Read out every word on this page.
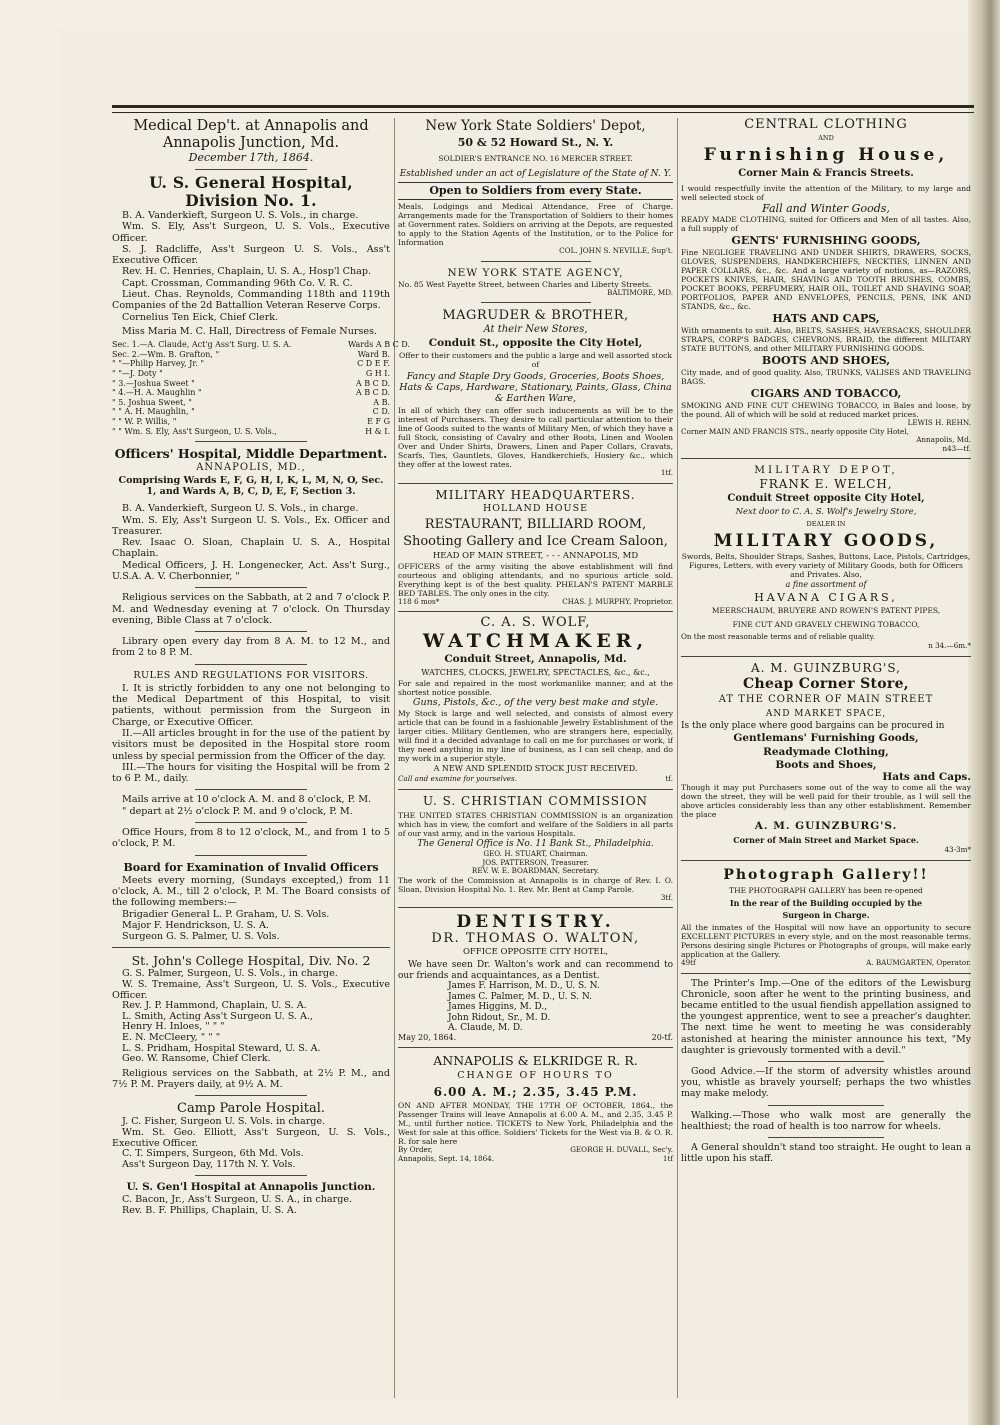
Medical Dep't. at Annapolis and Annapolis Junction, Md.

December 17th, 1864.

U. S. General Hospital, Division No. 1.

B. A. Vanderkieft, Surgeon U. S. Vols., in charge.

Wm. S. Ely, Ass't Surgeon, U. S. Vols., Executive Officer.

S. J. Radcliffe, Ass't Surgeon U. S. Vols., Ass't Executive Officer.

Rev. H. C. Henries, Chaplain, U. S. A., Hosp'l Chap.

Capt. Crossman, Commanding 96th Co. V. R. C.

Lieut. Chas. Reynolds, Commanding 118th and 119th Companies of the 2d Battallion Veteran Reserve Corps.

Cornelius Ten Eick, Chief Clerk.

Miss Maria M. C. Hall, Directress of Female Nurses.

Sec. 1.—A. Claude, Act'g Ass't Surg. U. S. A.	Wards A B C D.
Sec. 2.—Wm. B. Grafton, "	Ward B.
" "—Philip Harvey, Jr. "	C D E F.
" "—J. Doty "	G H I.
" 3.—Joshua Sweet "	A B C D.
" 4.—H. A. Maughlin "	A B C D.
" 5. Joshua Sweet, "	A B.
" " A. H. Maughlin, "	C D.
" " W. P. Willis, "	E F G
" " Wm. S. Ely, Ass't Surgeon, U. S. Vols.,	H & I.

Officers' Hospital, Middle Department.

ANNAPOLIS, MD.,

Comprising Wards E, F, G, H, I, K, L, M, N, O, Sec. 1, and Wards A, B, C, D, E, F, Section 3.

B. A. Vanderkieft, Surgeon U. S. Vols., in charge.

Wm. S. Ely, Ass't Surgeon U. S. Vols., Ex. Officer and Treasurer.

Rev. Isaac O. Sloan, Chaplain U. S. A., Hospital Chaplain.

Medical Officers, J. H. Longenecker, Act. Ass't Surg., U.S.A. A. V. Cherbonnier, "

Religious services on the Sabbath, at 2 and 7 o'clock P. M. and Wednesday evening at 7 o'clock. On Thursday evening, Bible Class at 7 o'clock.

Library open every day from 8 A. M. to 12 M., and from 2 to 8 P. M.

RULES AND REGULATIONS FOR VISITORS.

I. It is strictly forbidden to any one not belonging to the Medical Department of this Hospital, to visit patients, without permission from the Surgeon in Charge, or Executive Officer.

II.—All articles brought in for the use of the patient by visitors must be deposited in the Hospital store room unless by special permission from the Officer of the day.

III.—The hours for visiting the Hospital will be from 2 to 6 P. M., daily.

Mails arrive at 10 o'clock A. M. and 8 o'clock, P. M.

" depart at 2½ o'clock P. M. and 9 o'clock, P. M.

Office Hours, from 8 to 12 o'clock, M., and from 1 to 5 o'clock, P. M.

Board for Examination of Invalid Officers

Meets every morning, (Sundays excepted,) from 11 o'clock, A. M., till 2 o'clock, P. M. The Board consists of the following members:—

Brigadier General L. P. Graham, U. S. Vols.

Major F. Hendrickson, U. S. A.

Surgeon G. S. Palmer, U. S. Vols.

St. John's College Hospital, Div. No. 2

G. S. Palmer, Surgeon, U. S. Vols., in charge.

W. S. Tremaine, Ass't Surgeon, U. S. Vols., Executive Officer.

Rev. J. P. Hammond, Chaplain, U. S. A.

L. Smith, Acting Ass't Surgeon U. S. A.,

Henry H. Inloes, " " "

E. N. McCleery, " " "

L. S. Pridham, Hospital Steward, U. S. A.

Geo. W. Ransome, Chief Clerk.

Religious services on the Sabbath, at 2½ P. M., and 7½ P. M. Prayers daily, at 9½ A. M.

Camp Parole Hospital.

J. C. Fisher, Surgeon U. S. Vols. in charge.

Wm. St. Geo. Elliott, Ass't Surgeon, U. S. Vols., Executive Officer.

C. T. Simpers, Surgeon, 6th Md. Vols.

Ass't Surgeon Day, 117th N. Y. Vols.

U. S. Gen'l Hospital at Annapolis Junction.

C. Bacon, Jr., Ass't Surgeon, U. S. A., in charge.

Rev. B. F. Phillips, Chaplain, U. S. A.

New York State Soldiers' Depot,

50 & 52 Howard St., N. Y.

SOLDIER'S ENTRANCE NO. 16 MERCER STREET.

Established under an act of Legislature of the State of N. Y.

Open to Soldiers from every State.

Meals, Lodgings and Medical Attendance, Free of Charge. Arrangements made for the Transportation of Soldiers to their homes at Government rates. Soldiers on arriving at the Depots, are requested to apply to the Station Agents of the Institution, or to the Police for Information

COL. JOHN S. NEVILLE, Sup't.

NEW YORK STATE AGENCY,

No. 85 West Fayette Street, between Charles and Liberty Streets.

BALTIMORE, MD.

MAGRUDER & BROTHER,

At their New Stores,

Conduit St., opposite the City Hotel,

Offer to their customers and the public a large and well assorted stock of

Fancy and Staple Dry Goods, Groceries, Boots Shoes, Hats & Caps, Hardware, Stationary, Paints, Glass, China & Earthen Ware,

In all of which they can offer such inducements as will be to the interest of Purchasers. They desire to call particular attention to their line of Goods suited to the wants of Military Men, of which they have a full Stock, consisting of Cavalry and other Boots, Linen and Woolen Over and Under Shirts, Drawers, Linen and Paper Collars, Cravats, Scarfs, Ties, Gauntlets, Gloves, Handkerchiefs, Hosiery &c., which they offer at the lowest rates.

1tf.

MILITARY HEADQUARTERS.

HOLLAND HOUSE

RESTAURANT, BILLIARD ROOM,

Shooting Gallery and Ice Cream Saloon,

HEAD OF MAIN STREET, - - - ANNAPOLIS, MD

OFFICERS of the army visiting the above establishment will find courteous and obliging attendants, and no spurious article sold. Everything kept is of the best quality. PHELAN'S PATENT MARBLE BED TABLES. The only ones in the city.

118 6 mos*	CHAS. J. MURPHY, Proprietor.

C. A. S. WOLF,

WATCHMAKER,

Conduit Street, Annapolis, Md.

WATCHES, CLOCKS, JEWELRY, SPECTACLES, &c., &c.,

For sale and repaired in the most workmanlike manner, and at the shortest notice possible.

Guns, Pistols, &c., of the very best make and style.

My Stock is large and well selected, and consists of almost every article that can be found in a fashionable Jewelry Establishment of the larger cities. Military Gentlemen, who are strangers here, especially, will find it a decided advantage to call on me for purchases or work, if they need anything in my line of business, as I can sell cheap, and do my work in a superior style.

A NEW AND SPLENDID STOCK JUST RECEIVED.

Call and examine for yourselves.	tf.

U. S. CHRISTIAN COMMISSION

THE UNITED STATES CHRISTIAN COMMISSION is an organization which has in view, the comfort and welfare of the Soldiers in all parts of our vast army, and in the various Hospitals.

The General Office is No. 11 Bank St., Philadelphia.

GEO. H. STUART, Chairman.

JOS. PATTERSON, Treasurer.

REV. W. E. BOARDMAN, Secretary.

The work of the Commission at Annapolis is in charge of Rev. I. O. Sloan, Division Hospital No. 1. Rev. Mr. Bent at Camp Parole.

3tf.

DENTISTRY.

DR. THOMAS O. WALTON,

OFFICE OPPOSITE CITY HOTEL,

We have seen Dr. Walton's work and can recommend to our friends and acquaintances, as a Dentist.

James F. Harrison, M. D., U. S. N.

James C. Palmer, M. D., U. S. N.

James Higgins, M. D.,

John Ridout, Sr., M. D.

A. Claude, M. D.

May 20, 1864.	20-tf.

ANNAPOLIS & ELKRIDGE R. R.

CHANGE OF HOURS TO

6.00 A. M.; 2.35, 3.45 P.M.

ON AND AFTER MONDAY, THE 17TH OF OCTOBER, 1864., the Passenger Trains will leave Annapolis at 6.00 A. M., and 2.35, 3.45 P. M., until further notice. TICKETS to New York, Philadelphia and the West for sale at this office. Soldiers' Tickets for the West via B. & O. R. R. for sale here

By Order,	GEORGE H. DUVALL, Sec'y.
Annapolis, Sept. 14, 1864.	1tf

CENTRAL CLOTHING

AND

Furnishing House,

Corner Main & Francis Streets.

I would respectfully invite the attention of the Military, to my large and well selected stock of

Fall and Winter Goods,

READY MADE CLOTHING, suited for Officers and Men of all tastes. Also, a full supply of

GENTS' FURNISHING GOODS,

Fine NEGLIGEE TRAVELING AND UNDER SHIRTS, DRAWERS, SOCKS, GLOVES, SUSPENDERS, HANDKERCHIEFS, NECKTIES, LINNEN AND PAPER COLLARS, &c., &c. And a large variety of notions, as—RAZORS, POCKETS KNIVES, HAIR, SHAVING AND TOOTH BRUSHES, COMBS, POCKET BOOKS, PERFUMERY, HAIR OIL, TOILET AND SHAVING SOAP, PORTFOLIOS, PAPER AND ENVELOPES, PENCILS, PENS, INK AND STANDS, &c., &c.

HATS AND CAPS,

With ornaments to suit. Also, BELTS, SASHES, HAVERSACKS, SHOULDER STRAPS, CORP'S BADGES, CHEVRONS, BRAID, the different MILITARY STATE BUTTONS, and other MILITARY FURNISHING GOODS.

BOOTS AND SHOES,

City made, and of good quality. Also, TRUNKS, VALISES AND TRAVELING BAGS.

CIGARS AND TOBACCO,

SMOKING AND FINE CUT CHEWING TOBACCO, in Bales and loose, by the pound. All of which will be sold at reduced market prices.

LEWIS H. REHN.

Corner MAIN AND FRANCIS STS., nearly opposite City Hotel,

Annapolis, Md.

n43—tf.

MILITARY DEPOT,

FRANK E. WELCH,

Conduit Street opposite City Hotel,

Next door to C. A. S. Wolf's Jewelry Store,

DEALER IN

MILITARY GOODS,

Swords, Belts, Shoulder Straps, Sashes, Buttons, Lace, Pistols, Cartridges, Figures, Letters, with every variety of Military Goods, both for Officers and Privates. Also,

a fine assortment of

HAVANA CIGARS,

MEERSCHAUM, BRUYERE AND ROWEN'S PATENT PIPES,

FINE CUT AND GRAVELY CHEWING TOBACCO,

On the most reasonable terms and of reliable quality.

n 34.—6m.*

A. M. GUINZBURG'S,

Cheap Corner Store,

AT THE CORNER OF MAIN STREET

AND MARKET SPACE,

Is the only place where good bargains can be procured in

Gentlemans' Furnishing Goods,

Readymade Clothing,

Boots and Shoes,

Hats and Caps.

Though it may put Purchasers some out of the way to come all the way down the street, they will be well paid for their trouble, as I will sell the above articles considerably less than any other establishment. Remember the place

A. M. GUINZBURG'S.

Corner of Main Street and Market Space.

43-3m*

Photograph Gallery!!

THE PHOTOGRAPH GALLERY has been re-opened

In the rear of the Building occupied by the

Surgeon in Charge.

All the inmates of the Hospital will now have an opportunity to secure EXCELLENT PICTURES in every style, and on the most reasonable terms. Persons desiring single Pictures or Photographs of groups, will make early application at the Gallery.

49tf	A. BAUMGARTEN, Operator.

The Printer's Imp.—One of the editors of the Lewisburg Chronicle, soon after he went to the printing business, and became entitled to the usual fiendish appellation assigned to the youngest apprentice, went to see a preacher's daughter. The next time he went to meeting he was considerably astonished at hearing the minister announce his text, "My daughter is grievously tormented with a devil."

Good Advice.—If the storm of adversity whistles around you, whistle as bravely yourself; perhaps the two whistles may make melody.

Walking.—Those who walk most are generally the healthiest; the road of health is too narrow for wheels.

A General shouldn't stand too straight. He ought to lean a little upon his staff.
